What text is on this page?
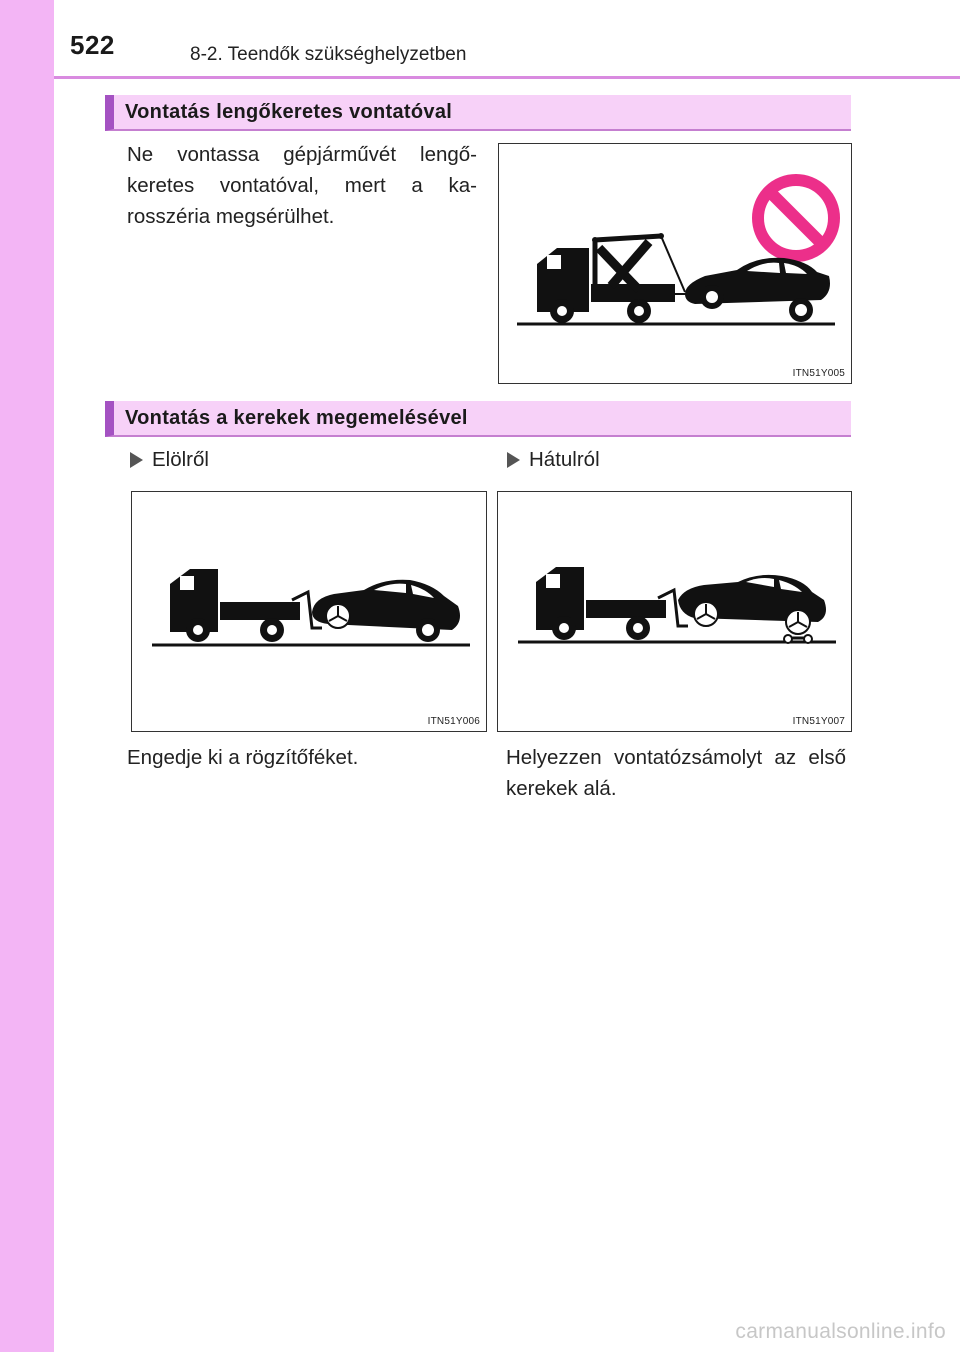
522	8-2. Teendők szükséghelyzetben
Vontatás lengőkeretes vontatóval
Ne vontassa gépjárművét lengő-keretes vontatóval, mert a ka-rosszéria megsérülhet.
ITN51Y005
Vontatás a kerekek megemelésével
Elölről	Hátulról
ITN51Y006	ITN51Y007
Engedje ki a rögzítőféket.	Helyezzen vontatózsámolyt az első kerekek alá.
carmanualsonline.info
